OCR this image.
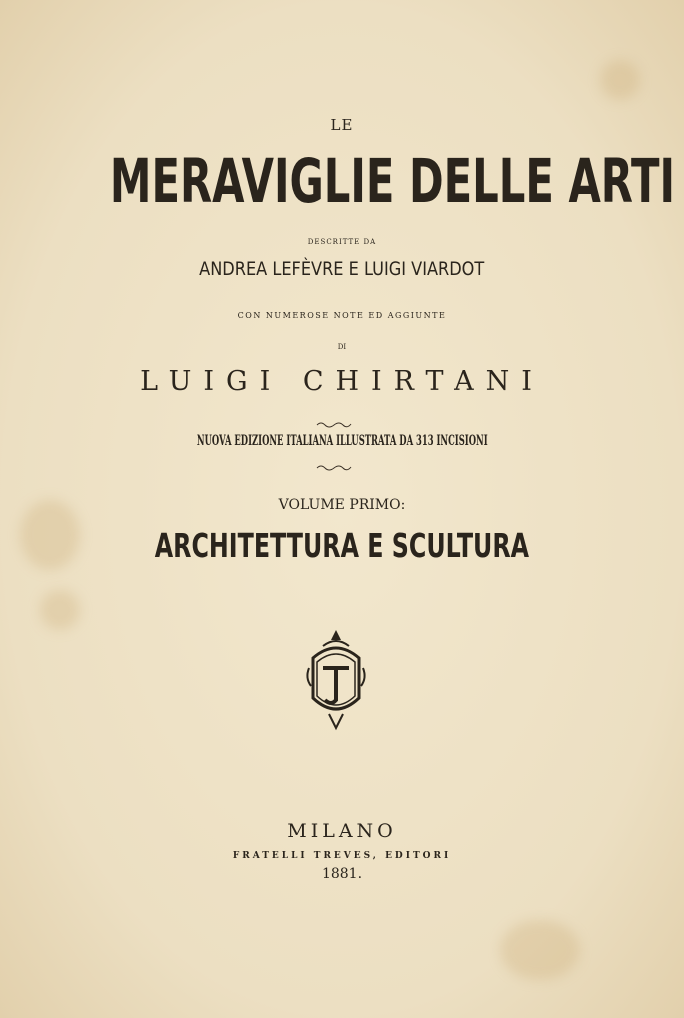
LE
MERAVIGLIE DELLE ARTI
DESCRITTE DA
ANDREA LEFÈVRE E LUIGI VIARDOT
CON NUMEROSE NOTE ED AGGIUNTE
DI
LUIGI CHIRTANI
NUOVA EDIZIONE ITALIANA ILLUSTRATA DA 313 INCISIONI
VOLUME PRIMO:
ARCHITETTURA E SCULTURA
MILANO
FRATELLI TREVES, EDITORI
1881.
